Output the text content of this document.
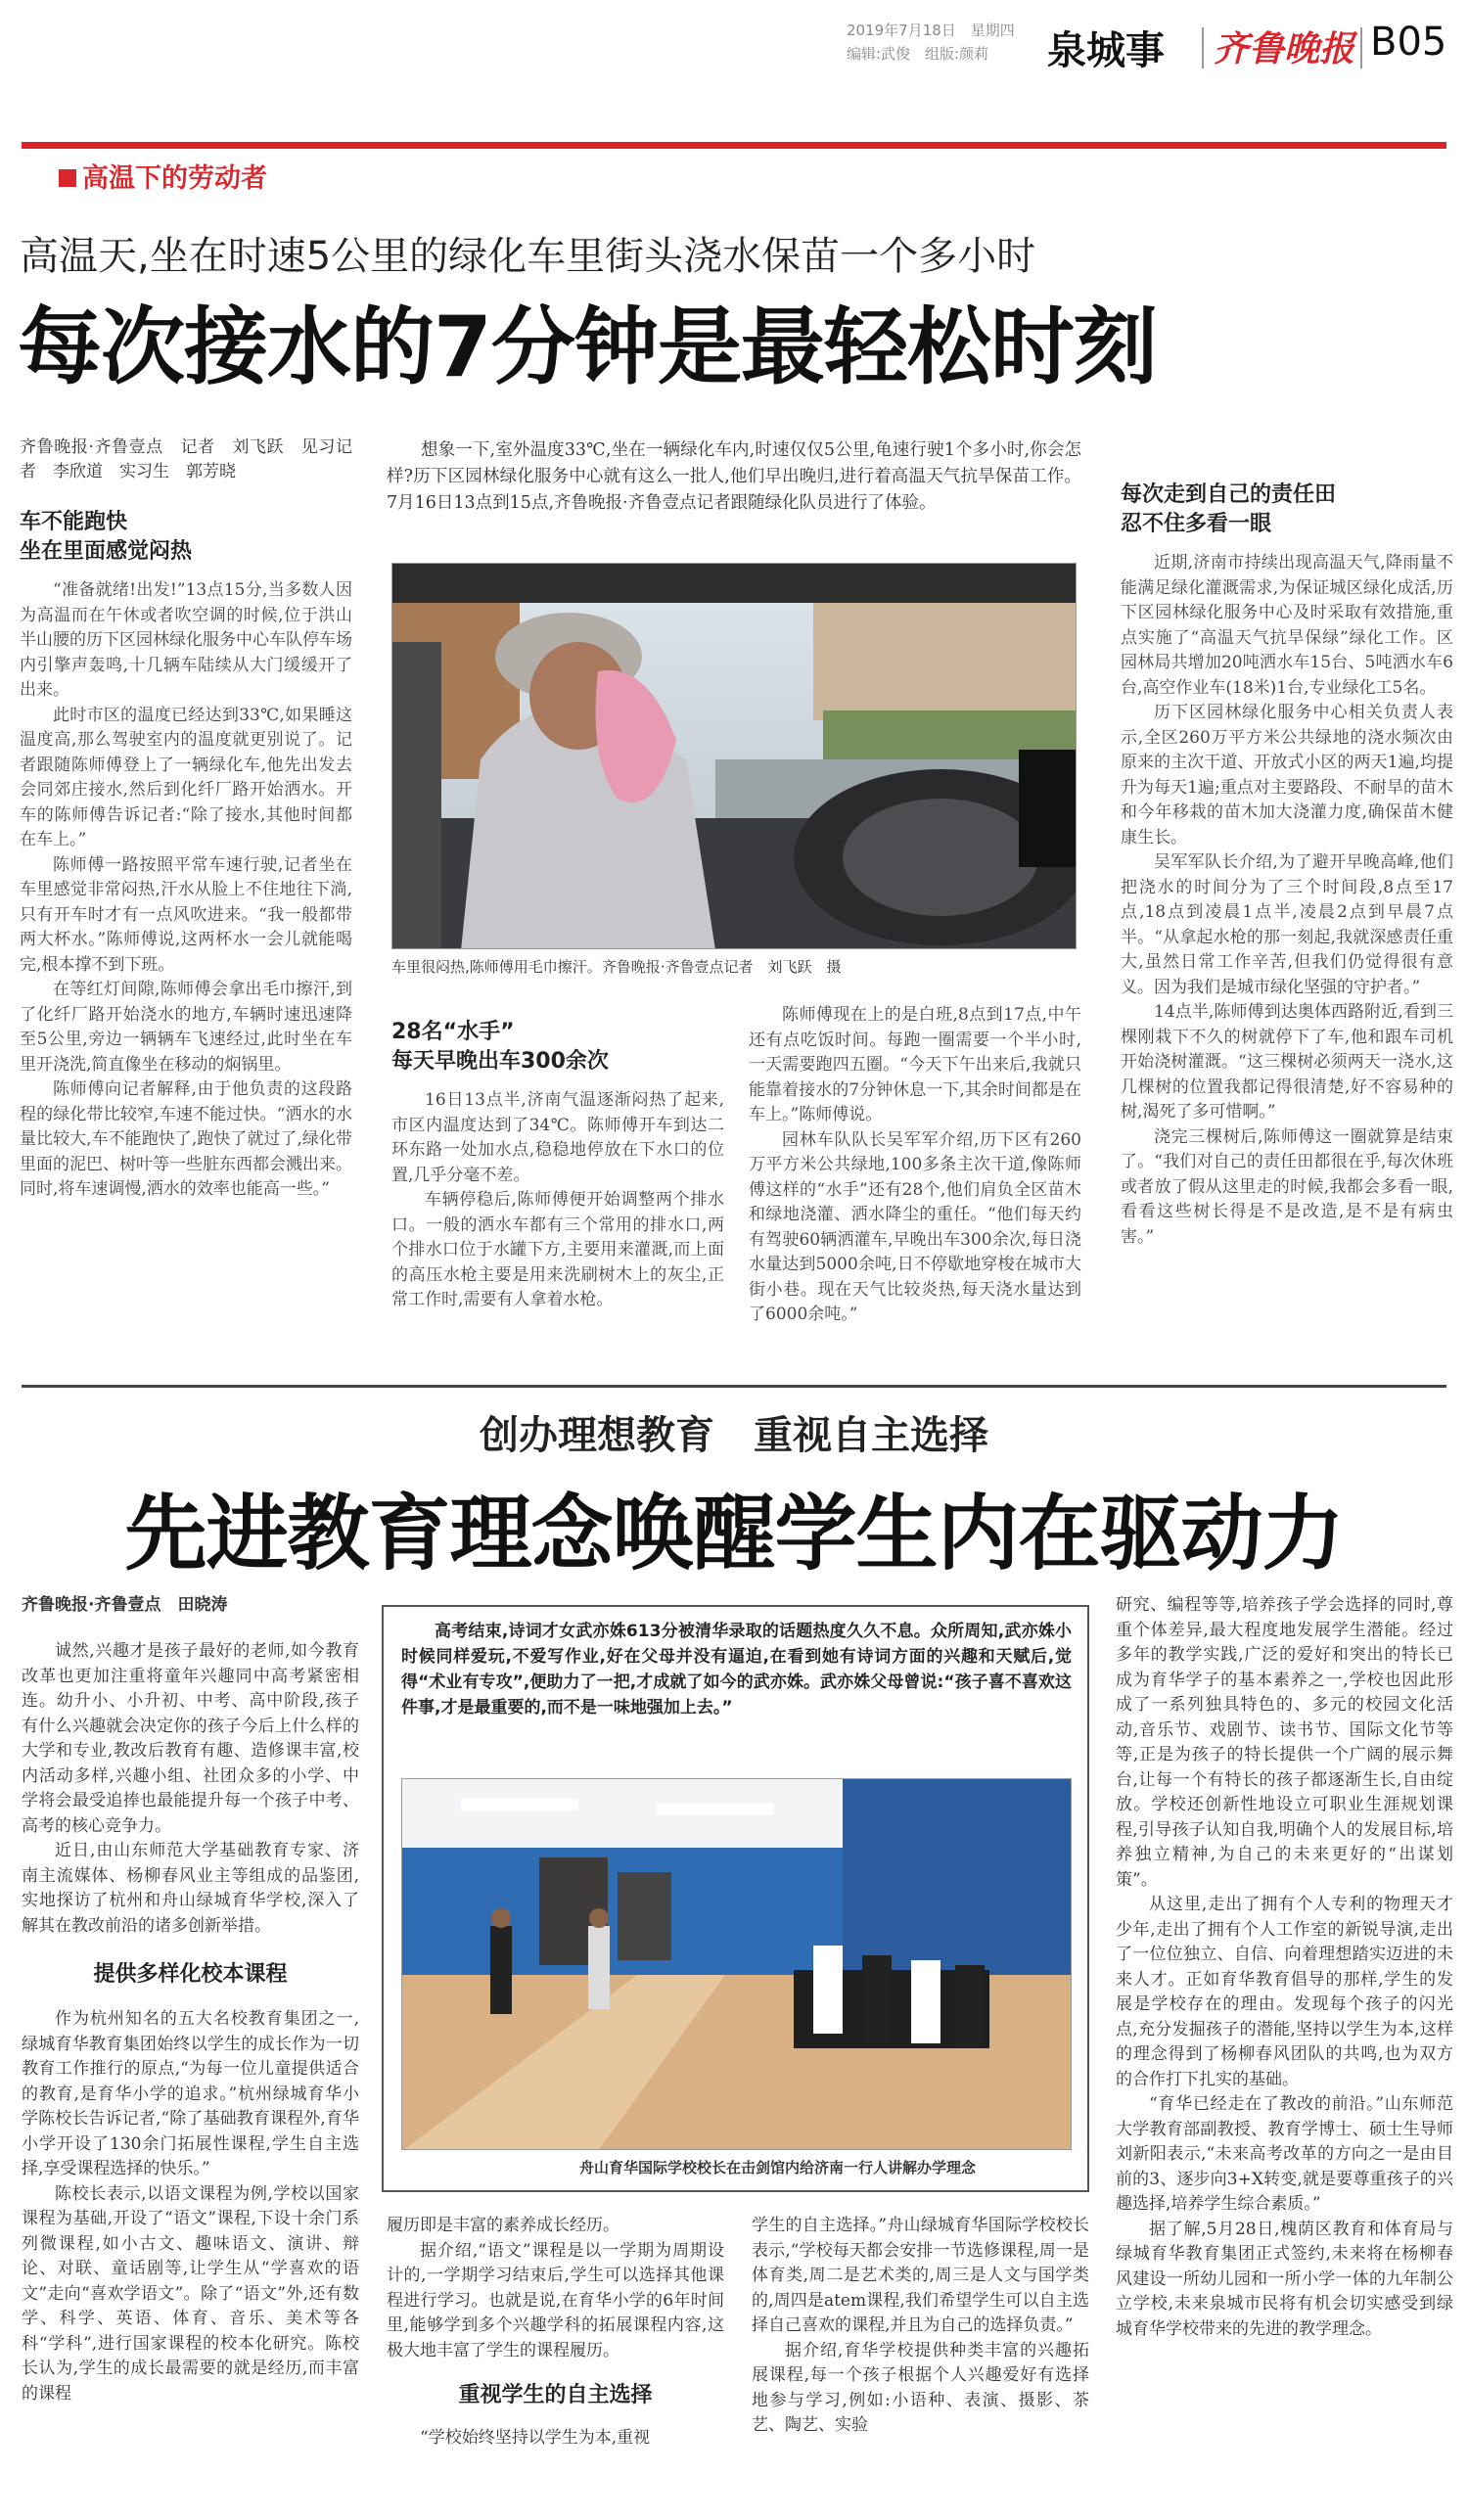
2019年7月18日　星期四
编辑:武俊　组版:颜莉 泉城事 齐鲁晚报 B05
高温下的劳动者
高温天,坐在时速5公里的绿化车里街头浇水保苗一个多小时
每次接水的7分钟是最轻松时刻
齐鲁晚报·齐鲁壹点　记者　刘飞跃　见习记者　李欣道　实习生　郭芳晓
车不能跑快
坐在里面感觉闷热

“准备就绪!出发!”13点15分,当多数人因为高温而在午休或者吹空调的时候,位于洪山半山腰的历下区园林绿化服务中心车队停车场内引擎声轰鸣,十几辆车陆续从大门缓缓开了出来。

此时市区的温度已经达到33℃,如果睡这温度高,那么驾驶室内的温度就更别说了。记者跟随陈师傅登上了一辆绿化车,他先出发去会同郊庄接水,然后到化纤厂路开始洒水。开车的陈师傅告诉记者:“除了接水,其他时间都在车上。”

陈师傅一路按照平常车速行驶,记者坐在车里感觉非常闷热,汗水从脸上不住地往下淌,只有开车时才有一点风吹进来。“我一般都带两大杯水。”陈师傅说,这两杯水一会儿就能喝完,根本撑不到下班。

在等红灯间隙,陈师傅会拿出毛巾擦汗,到了化纤厂路开始浇水的地方,车辆时速迅速降至5公里,旁边一辆辆车飞速经过,此时坐在车里开浇洗,简直像坐在移动的焖锅里。

陈师傅向记者解释,由于他负责的这段路程的绿化带比较窄,车速不能过快。“洒水的水量比较大,车不能跑快了,跑快了就过了,绿化带里面的泥巴、树叶等一些脏东西都会溅出来。同时,将车速调慢,洒水的效率也能高一些。”

想象一下,室外温度33℃,坐在一辆绿化车内,时速仅仅5公里,龟速行驶1个多小时,你会怎样?历下区园林绿化服务中心就有这么一批人,他们早出晚归,进行着高温天气抗旱保苗工作。7月16日13点到15点,齐鲁晚报·齐鲁壹点记者跟随绿化队员进行了体验。

车里很闷热,陈师傅用毛巾擦汗。齐鲁晚报·齐鲁壹点记者　刘飞跃　摄
28名“水手”
每天早晚出车300余次

16日13点半,济南气温逐渐闷热了起来,市区内温度达到了34℃。陈师傅开车到达二环东路一处加水点,稳稳地停放在下水口的位置,几乎分毫不差。

车辆停稳后,陈师傅便开始调整两个排水口。一般的洒水车都有三个常用的排水口,两个排水口位于水罐下方,主要用来灌溉,而上面的高压水枪主要是用来洗刷树木上的灰尘,正常工作时,需要有人拿着水枪。

陈师傅现在上的是白班,8点到17点,中午还有点吃饭时间。每跑一圈需要一个半小时,一天需要跑四五圈。“今天下午出来后,我就只能靠着接水的7分钟休息一下,其余时间都是在车上。”陈师傅说。

园林车队队长吴军军介绍,历下区有260万平方米公共绿地,100多条主次干道,像陈师傅这样的“水手”还有28个,他们肩负全区苗木和绿地浇灌、洒水降尘的重任。“他们每天约有驾驶60辆洒灌车,早晚出车300余次,每日浇水量达到5000余吨,日不停歇地穿梭在城市大街小巷。现在天气比较炎热,每天浇水量达到了6000余吨。”

每次走到自己的责任田
忍不住多看一眼

近期,济南市持续出现高温天气,降雨量不能满足绿化灌溉需求,为保证城区绿化成活,历下区园林绿化服务中心及时采取有效措施,重点实施了“高温天气抗旱保绿”绿化工作。区园林局共增加20吨洒水车15台、5吨洒水车6台,高空作业车(18米)1台,专业绿化工5名。

历下区园林绿化服务中心相关负责人表示,全区260万平方米公共绿地的浇水频次由原来的主次干道、开放式小区的两天1遍,均提升为每天1遍;重点对主要路段、不耐旱的苗木和今年移栽的苗木加大浇灌力度,确保苗木健康生长。

吴军军队长介绍,为了避开早晚高峰,他们把浇水的时间分为了三个时间段,8点至17点,18点到凌晨1点半,凌晨2点到早晨7点半。“从拿起水枪的那一刻起,我就深感责任重大,虽然日常工作辛苦,但我们仍觉得很有意义。因为我们是城市绿化坚强的守护者。”

14点半,陈师傅到达奥体西路附近,看到三棵刚栽下不久的树就停下了车,他和跟车司机开始浇树灌溉。“这三棵树必须两天一浇水,这几棵树的位置我都记得很清楚,好不容易种的树,渴死了多可惜啊。”

浇完三棵树后,陈师傅这一圈就算是结束了。“我们对自己的责任田都很在乎,每次休班或者放了假从这里走的时候,我都会多看一眼,看看这些树长得是不是改造,是不是有病虫害。”

创办理想教育　重视自主选择
先进教育理念唤醒学生内在驱动力
齐鲁晚报·齐鲁壹点　田晓涛

诚然,兴趣才是孩子最好的老师,如今教育改革也更加注重将童年兴趣同中高考紧密相连。幼升小、小升初、中考、高中阶段,孩子有什么兴趣就会决定你的孩子今后上什么样的大学和专业,教改后教育有趣、造修课丰富,校内活动多样,兴趣小组、社团众多的小学、中学将会最受追捧也最能提升每一个孩子中考、高考的核心竞争力。

近日,由山东师范大学基础教育专家、济南主流媒体、杨柳春风业主等组成的品鉴团,实地探访了杭州和舟山绿城育华学校,深入了解其在教改前沿的诸多创新举措。

提供多样化校本课程

作为杭州知名的五大名校教育集团之一,绿城育华教育集团始终以学生的成长作为一切教育工作推行的原点,“为每一位儿童提供适合的教育,是育华小学的追求。”杭州绿城育华小学陈校长告诉记者,“除了基础教育课程外,育华小学开设了130余门拓展性课程,学生自主选择,享受课程选择的快乐。”

陈校长表示,以语文课程为例,学校以国家课程为基础,开设了“语文”课程,下设十余门系列微课程,如小古文、趣味语文、演讲、辩论、对联、童话剧等,让学生从“学喜欢的语文”走向“喜欢学语文”。除了“语文”外,还有数学、科学、英语、体育、音乐、美术等各科“学科”,进行国家课程的校本化研究。陈校长认为,学生的成长最需要的就是经历,而丰富的课程

高考结束,诗词才女武亦姝613分被清华录取的话题热度久久不息。众所周知,武亦姝小时候同样爱玩,不爱写作业,好在父母并没有逼迫,在看到她有诗词方面的兴趣和天赋后,觉得“术业有专攻”,便助力了一把,才成就了如今的武亦姝。武亦姝父母曾说:“孩子喜不喜欢这件事,才是最重要的,而不是一味地强加上去。”

舟山育华国际学校校长在击剑馆内给济南一行人讲解办学理念

履历即是丰富的素养成长经历。

据介绍,“语文”课程是以一学期为周期设计的,一学期学习结束后,学生可以选择其他课程进行学习。也就是说,在育华小学的6年时间里,能够学到多个兴趣学科的拓展课程内容,这极大地丰富了学生的课程履历。

重视学生的自主选择

“学校始终坚持以学生为本,重视

学生的自主选择。”舟山绿城育华国际学校校长表示,“学校每天都会安排一节选修课程,周一是体育类,周二是艺术类的,周三是人文与国学类的,周四是atem课程,我们希望学生可以自主选择自己喜欢的课程,并且为自己的选择负责。”

据介绍,育华学校提供种类丰富的兴趣拓展课程,每一个孩子根据个人兴趣爱好有选择地参与学习,例如:小语种、表演、摄影、茶艺、陶艺、实验

研究、编程等等,培养孩子学会选择的同时,尊重个体差异,最大程度地发展学生潜能。经过多年的教学实践,广泛的爱好和突出的特长已成为育华学子的基本素养之一,学校也因此形成了一系列独具特色的、多元的校园文化活动,音乐节、戏剧节、读书节、国际文化节等等,正是为孩子的特长提供一个广阔的展示舞台,让每一个有特长的孩子都逐渐生长,自由绽放。学校还创新性地设立可职业生涯规划课程,引导孩子认知自我,明确个人的发展目标,培养独立精神,为自己的未来更好的“出谋划策”。

从这里,走出了拥有个人专利的物理天才少年,走出了拥有个人工作室的新锐导演,走出了一位位独立、自信、向着理想踏实迈进的未来人才。正如育华教育倡导的那样,学生的发展是学校存在的理由。发现每个孩子的闪光点,充分发掘孩子的潜能,坚持以学生为本,这样的理念得到了杨柳春风团队的共鸣,也为双方的合作打下扎实的基础。

“育华已经走在了教改的前沿。”山东师范大学教育部副教授、教育学博士、硕士生导师刘新阳表示,“未来高考改革的方向之一是由目前的3、逐步向3+X转变,就是要尊重孩子的兴趣选择,培养学生综合素质。”

据了解,5月28日,槐荫区教育和体育局与绿城育华教育集团正式签约,未来将在杨柳春风建设一所幼儿园和一所小学一体的九年制公立学校,未来泉城市民将有机会切实感受到绿城育华学校带来的先进的教学理念。
